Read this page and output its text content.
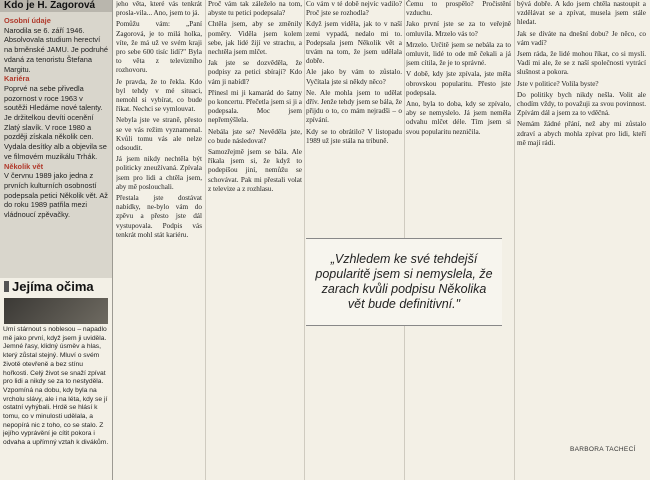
Kdo je H. Zagorová
Osobní údaje

Narodila se 6. září 1946. Absolvovala studium herectví na brněnské JAMU. Je podruhé vdaná za tenoristu Štefana Margitu.

Kariéra

Poprvé na sebe přivedla pozornost v roce 1963 v soutěži Hledáme nové talenty. Je držitelkou devíti ocenění Zlatý slavík. V roce 1980 a později získala několik cen. Vydala desítky alb a objevila se ve filmovém muzikálu Trhák.

Několik vět

V červnu 1989 jako jedna z prvních kulturních osobností podepsala petici Několik vět. Až do roku 1989 patřila mezi vládnoucí zpěvačky.

Jejíma očima
Umí stárnout s noblesou – napadlo mě jako první, když jsem ji uviděla. Jemné řasy, klidný úsměv a hlas, který zůstal stejný. Mluví o svém životě otevřeně a bez stínu hořkosti. Celý život se snaží zpívat pro lidi a nikdy se za to nestyděla. Vzpomíná na dobu, kdy byla na vrcholu slávy, ale i na léta, kdy se jí ostatní vyhýbali. Hrdě se hlásí k tomu, co v minulosti udělala, a nepopírá nic z toho, co se stalo. Z jejího vyprávění je cítit pokora i odvaha a upřímný vztah k divákům.

jeho věta, které vás tenkrát prosla-vila... Ano, jsem to já.

Pomůžu vám: „Paní Zagorová, je to milá holka, víte, že má už ve svém kraji pro sebe 600 tisíc lidí?" Byla to věta z televizního rozhovoru.

Je pravda, že to řekla. Kdo byl tehdy v mé situaci, nemohl si vybírat, co bude říkat. Nechci se vymlouvat.

Nebyla jste ve straně, přesto se ve vás režim vyznamenal. Kvůli tomu vás ale nelze odsoudit.

Já jsem nikdy nechtěla být politicky zneužívaná. Zpívala jsem pro lidi a chtěla jsem, aby mě poslouchali.

Přestala jste dostávat nabídky, ne-bylo vám do zpěvu a přesto jste dál vystupovala. Podpis vás tenkrát mohl stát kariéru.

Proč vám tak záleželo na tom, abyste tu petici podepsala?

Chtěla jsem, aby se změnily poměry. Viděla jsem kolem sebe, jak lidé žijí ve strachu, a nechtěla jsem mlčet.

Jak jste se dozvěděla, že podpisy za petici sbírají? Kdo vám ji nabídl?

Přinesl mi ji kamarád do šatny po koncertu. Přečetla jsem si ji a podepsala. Moc jsem nepřemýšlela.

Nebála jste se? Nevěděla jste, co bude následovat?

Samozřejmě jsem se bála. Ale říkala jsem si, že když to podepíšou jiní, nemůžu se schovávat. Pak mi přestali volat z televize a z rozhlasu.

Co vám v té době nejvíc vadilo? Proč jste se rozhodla?

Když jsem viděla, jak to v naší zemi vypadá, nedalo mi to. Podepsala jsem Několik vět a trvám na tom, že jsem udělala dobře.

Ale jako by vám to zůstalo. Vyčítala jste si někdy něco?

Ne. Ale mohla jsem to udělat dřív. Jenže tehdy jsem se bála, že přijdu o to, co mám nejradši – o zpívání.

Kdy se to obrátilo? V listopadu 1989 už jste stála na tribuně.

Čemu to prospělo? Pročistění vzduchu.

Jako první jste se za to veřejně omluvila. Mrzelo vás to?

Mrzelo. Určitě jsem se nebála za to omluvit, lidé to ode mě čekali a já jsem cítila, že je to správné.

V době, kdy jste zpívala, jste měla obrovskou popularitu. Přesto jste podepsala.

Ano, byla to doba, kdy se zpívalo, aby se nemyslelo. Já jsem neměla odvahu mlčet déle. Tím jsem si svou popularitu nezničila.

bývá dobře. A kdo jsem chtěla nastoupit a vzdělávat se a zpívat, musela jsem stále hledat.

Jak se díváte na dnešní dobu? Je něco, co vám vadí?

Jsem ráda, že lidé mohou říkat, co si myslí. Vadí mi ale, že se z naší společnosti vytrácí slušnost a pokora.

Jste v politice? Volila byste?

Do politiky bych nikdy nešla. Volit ale chodím vždy, to považuji za svou povinnost. Zpívám dál a jsem za to vděčná.

Nemám žádné přání, než aby mi zůstalo zdraví a abych mohla zpívat pro lidi, kteří mě mají rádi.

„Vzhledem ke své tehdejší popularitě jsem si nemyslela, že zarach kvůli podpisu Několika vět bude definitivní."
BARBORA TACHECÍ
